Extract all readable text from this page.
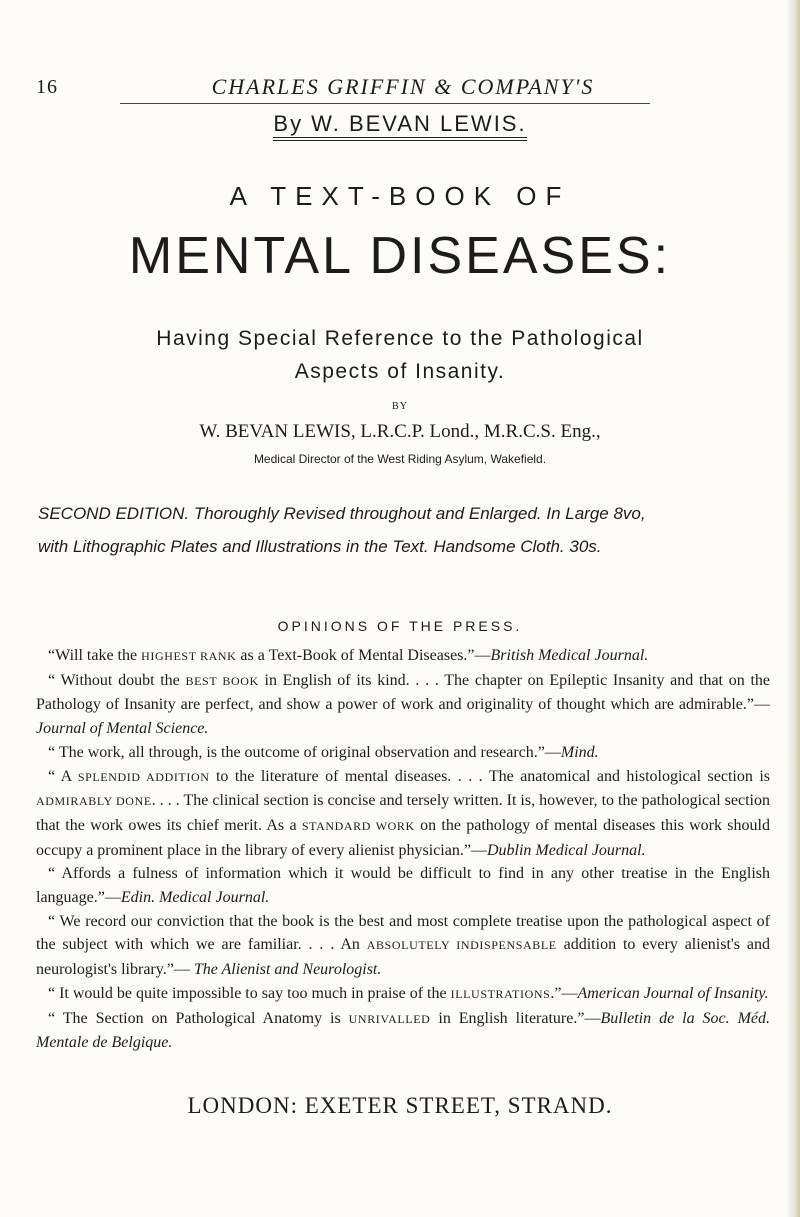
16	CHARLES GRIFFIN & COMPANY'S
By W. BEVAN LEWIS.
A TEXT-BOOK OF
MENTAL DISEASES:
Having Special Reference to the Pathological
Aspects of Insanity.
BY
W. BEVAN LEWIS, L.R.C.P. Lond., M.R.C.S. Eng.,
Medical Director of the West Riding Asylum, Wakefield.
SECOND EDITION. Thoroughly Revised throughout and Enlarged. In Large 8vo,
with Lithographic Plates and Illustrations in the Text. Handsome Cloth. 30s.
OPINIONS OF THE PRESS.

“Will take the HIGHEST RANK as a Text-Book of Mental Diseases.”—British Medical Journal.

“ Without doubt the BEST BOOK in English of its kind. . . . The chapter on Epileptic Insanity and that on the Pathology of Insanity are perfect, and show a power of work and originality of thought which are admirable.”—Journal of Mental Science.

“ The work, all through, is the outcome of original observation and research.”—Mind.

“ A SPLENDID ADDITION to the literature of mental diseases. . . . The anatomical and histological section is ADMIRABLY DONE. . . . The clinical section is concise and tersely written. It is, however, to the pathological section that the work owes its chief merit. As a STANDARD WORK on the pathology of mental diseases this work should occupy a prominent place in the library of every alienist physician.”—Dublin Medical Journal.

“ Affords a fulness of information which it would be difficult to find in any other treatise in the English language.”—Edin. Medical Journal.

“ We record our conviction that the book is the best and most complete treatise upon the pathological aspect of the subject with which we are familiar. . . . An ABSOLUTELY INDISPENSABLE addition to every alienist's and neurologist's library.”— The Alienist and Neurologist.

“ It would be quite impossible to say too much in praise of the ILLUSTRATIONS.”—American Journal of Insanity.

“ The Section on Pathological Anatomy is UNRIVALLED in English literature.”—Bulletin de la Soc. Méd. Mentale de Belgique.

LONDON: EXETER STREET, STRAND.
